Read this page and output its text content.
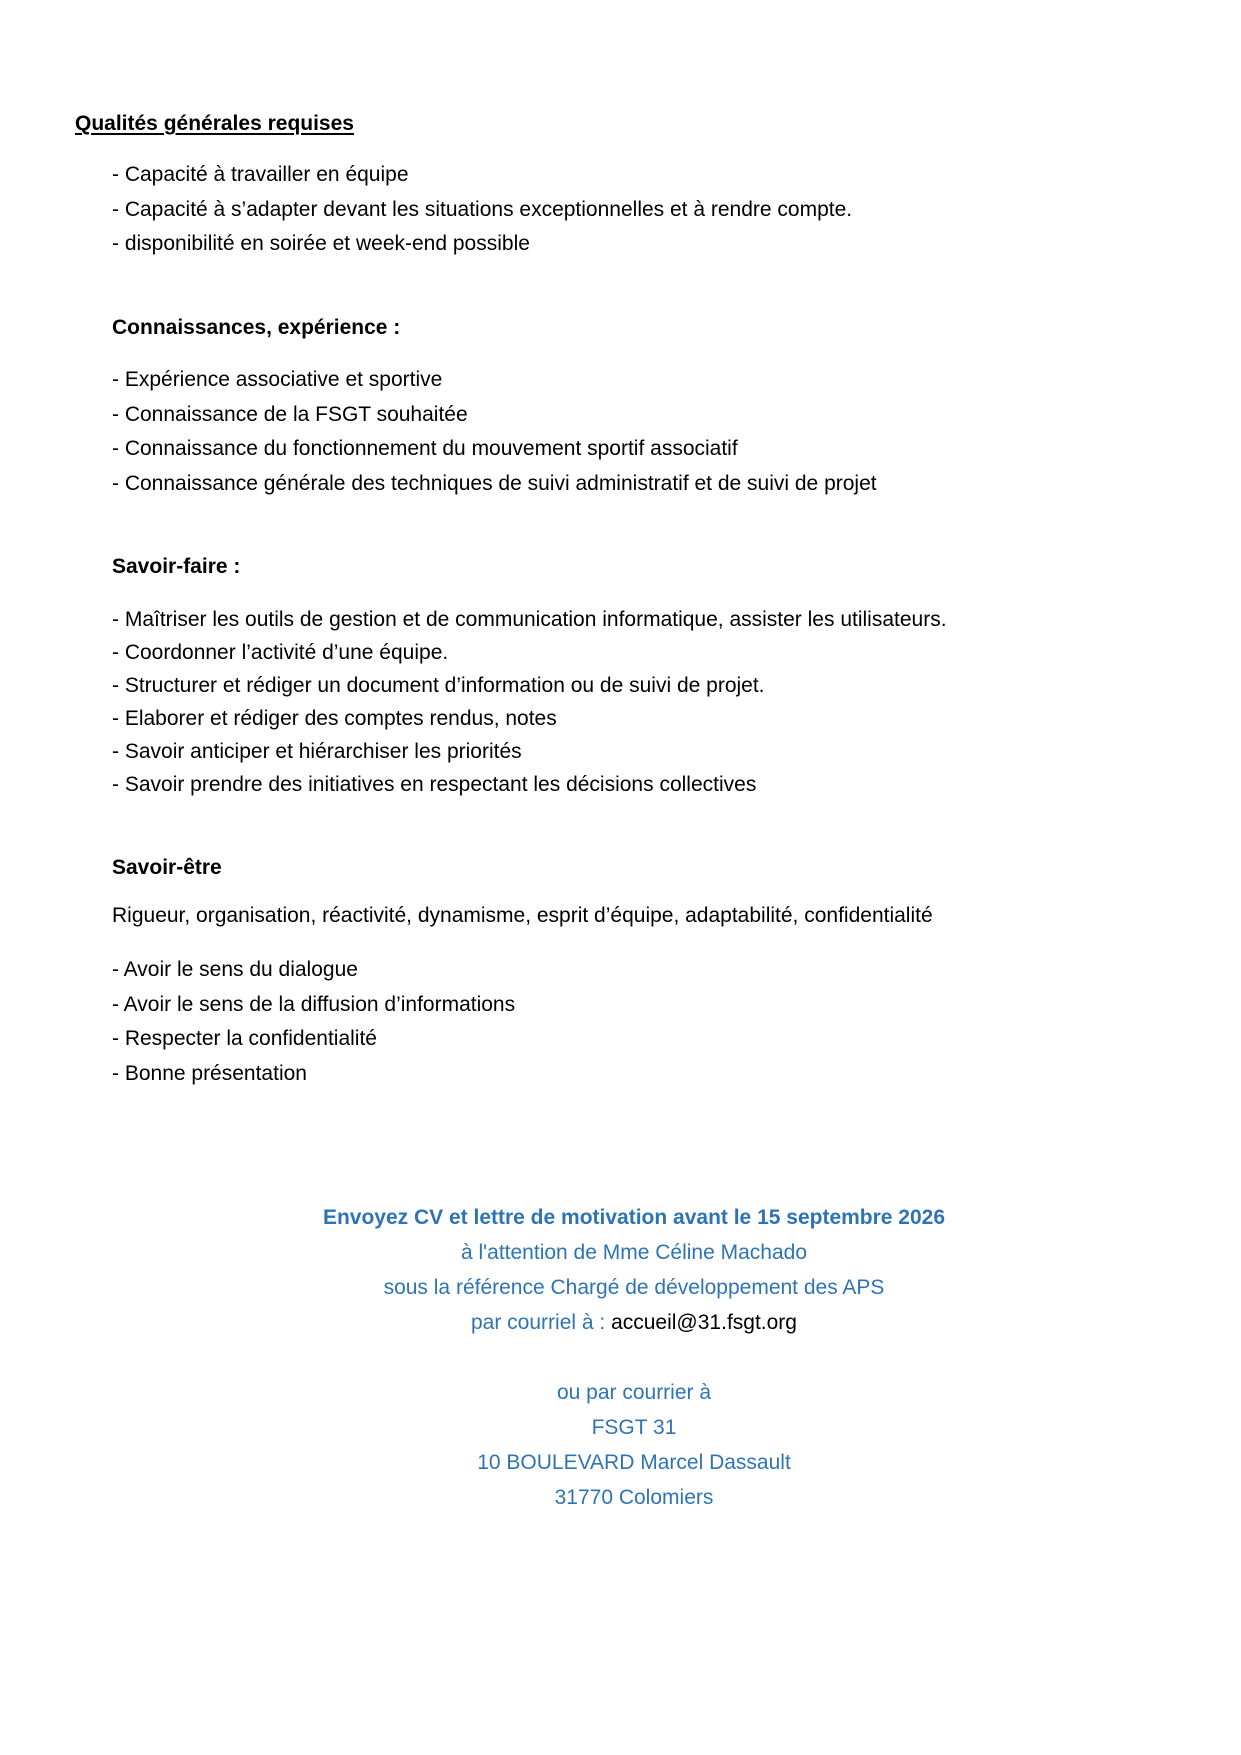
Qualités générales requises
- Capacité à travailler en équipe
- Capacité à s’adapter devant les situations exceptionnelles et à rendre compte.
- disponibilité en soirée et week-end possible
Connaissances, expérience :
- Expérience associative et sportive
- Connaissance de la FSGT souhaitée
- Connaissance du fonctionnement du mouvement sportif associatif
- Connaissance générale des techniques de suivi administratif et de suivi de projet
Savoir-faire :
- Maîtriser les outils de gestion et de communication informatique, assister les utilisateurs.
- Coordonner l’activité d’une équipe.
- Structurer et rédiger un document d’information ou de suivi de projet.
- Elaborer et rédiger des comptes rendus, notes
- Savoir anticiper et hiérarchiser les priorités
- Savoir prendre des initiatives en respectant les décisions collectives
Savoir-être
Rigueur, organisation, réactivité, dynamisme, esprit d’équipe, adaptabilité, confidentialité
- Avoir le sens du dialogue
- Avoir le sens de la diffusion d’informations
- Respecter la confidentialité
- Bonne présentation
Envoyez CV et lettre de motivation avant le 15 septembre 2026
à l'attention de Mme Céline Machado
sous la référence Chargé de développement des APS
par courriel à : accueil@31.fsgt.org
ou par courrier à
FSGT 31
10 BOULEVARD Marcel Dassault
31770 Colomiers
